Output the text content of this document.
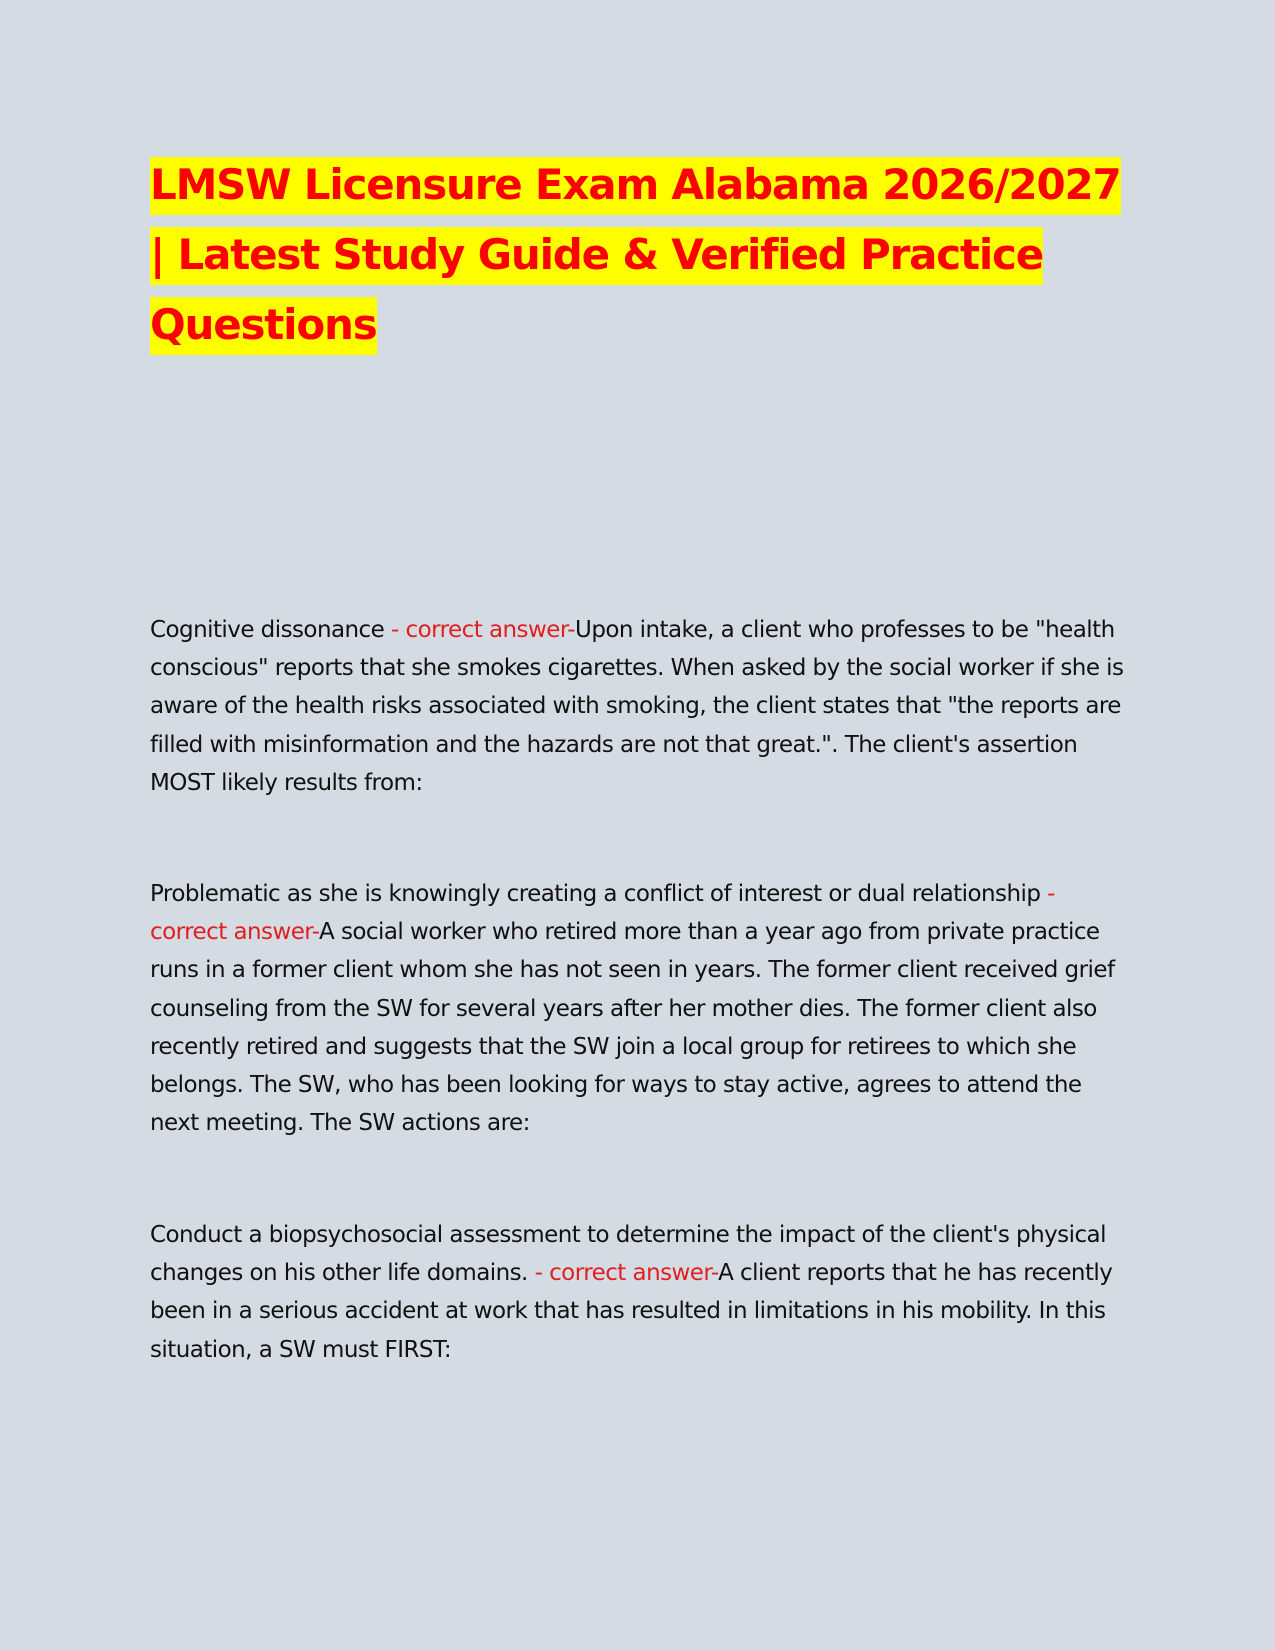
LMSW Licensure Exam Alabama 2026/2027 | Latest Study Guide & Verified Practice Questions

Cognitive dissonance - correct answer-Upon intake, a client who professes to be "health conscious" reports that she smokes cigarettes. When asked by the social worker if she is aware of the health risks associated with smoking, the client states that "the reports are filled with misinformation and the hazards are not that great.". The client's assertion MOST likely results from:

Problematic as she is knowingly creating a conflict of interest or dual relationship - correct answer-A social worker who retired more than a year ago from private practice runs in a former client whom she has not seen in years. The former client received grief counseling from the SW for several years after her mother dies. The former client also recently retired and suggests that the SW join a local group for retirees to which she belongs. The SW, who has been looking for ways to stay active, agrees to attend the next meeting. The SW actions are:

Conduct a biopsychosocial assessment to determine the impact of the client's physical changes on his other life domains. - correct answer-A client reports that he has recently been in a serious accident at work that has resulted in limitations in his mobility. In this situation, a SW must FIRST:
